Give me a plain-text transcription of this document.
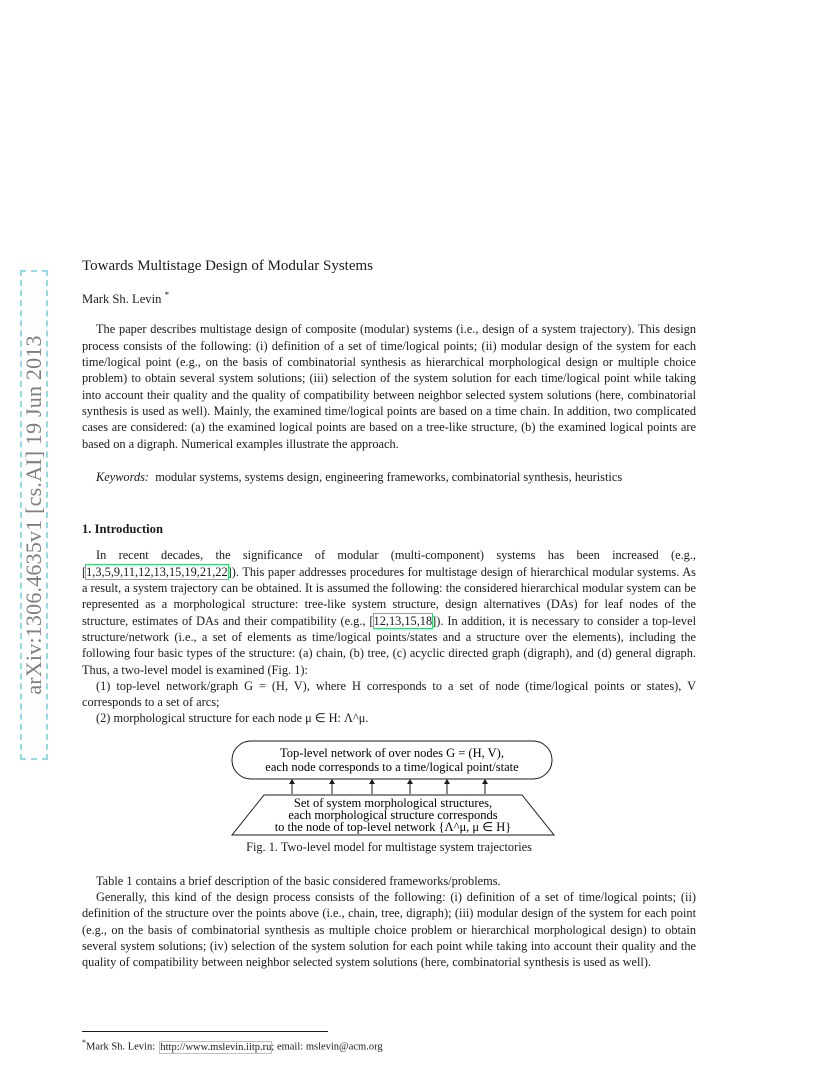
arXiv:1306.4635v1 [cs.AI] 19 Jun 2013
Towards Multistage Design of Modular Systems
Mark Sh. Levin *

The paper describes multistage design of composite (modular) systems (i.e., design of a system trajectory). This design process consists of the following: (i) definition of a set of time/logical points; (ii) modular design of the system for each time/logical point (e.g., on the basis of combinatorial synthesis as hierarchical morphological design or multiple choice problem) to obtain several system solutions; (iii) selection of the system solution for each time/logical point while taking into account their quality and the quality of compatibility between neighbor selected system solutions (here, combinatorial synthesis is used as well). Mainly, the examined time/logical points are based on a time chain. In addition, two complicated cases are considered: (a) the examined logical points are based on a tree-like structure, (b) the examined logical points are based on a digraph. Numerical examples illustrate the approach.

Keywords: modular systems, systems design, engineering frameworks, combinatorial synthesis, heuristics

1. Introduction

In recent decades, the significance of modular (multi-component) systems has been increased (e.g., [1,3,5,9,11,12,13,15,19,21,22]). This paper addresses procedures for multistage design of hierarchical modular systems. As a result, a system trajectory can be obtained. It is assumed the following: the considered hierarchical modular system can be represented as a morphological structure: tree-like system structure, design alternatives (DAs) for leaf nodes of the structure, estimates of DAs and their compatibility (e.g., [12,13,15,18]). In addition, it is necessary to consider a top-level structure/network (i.e., a set of elements as time/logical points/states and a structure over the elements), including the following four basic types of the structure: (a) chain, (b) tree, (c) acyclic directed graph (digraph), and (d) general digraph. Thus, a two-level model is examined (Fig. 1):

(1) top-level network/graph G = (H, V), where H corresponds to a set of node (time/logical points or states), V corresponds to a set of arcs;

(2) morphological structure for each node μ ∈ H: Λ^μ.

Top-level network of over nodes G = (H, V),
each node corresponds to a time/logical point/state
Set of system morphological structures,
each morphological structure corresponds
to the node of top-level network {Λ^μ, μ ∈ H}
Fig. 1. Two-level model for multistage system trajectories

Table 1 contains a brief description of the basic considered frameworks/problems.

Generally, this kind of the design process consists of the following: (i) definition of a set of time/logical points; (ii) definition of the structure over the points above (i.e., chain, tree, digraph); (iii) modular design of the system for each point (e.g., on the basis of combinatorial synthesis as multiple choice problem or hierarchical morphological design) to obtain several system solutions; (iv) selection of the system solution for each point while taking into account their quality and the quality of compatibility between neighbor selected system solutions (here, combinatorial synthesis is used as well).

*Mark Sh. Levin: http://www.mslevin.iitp.ru; email: mslevin@acm.org
